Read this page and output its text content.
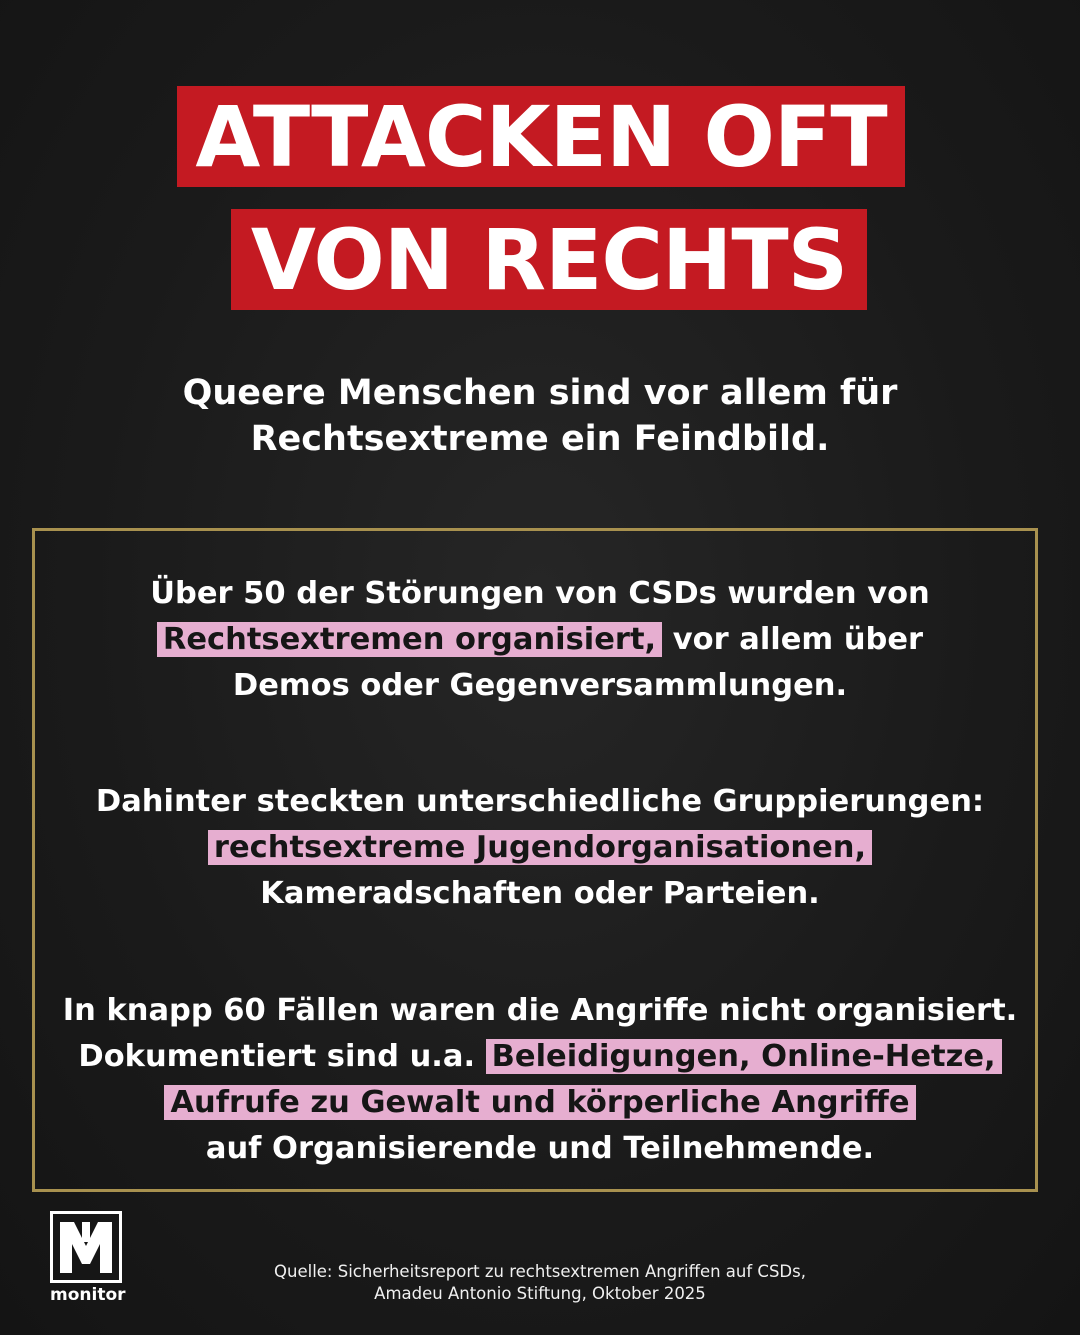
ATTACKEN OFT
VON RECHTS
Queere Menschen sind vor allem für
Rechtsextreme ein Feindbild.
Über 50 der Störungen von CSDs wurden von
Rechtsextremen organisiert, vor allem über
Demos oder Gegenversammlungen.
Dahinter steckten unterschiedliche Gruppierungen:
rechtsextreme Jugendorganisationen,
Kameradschaften oder Parteien.
In knapp 60 Fällen waren die Angriffe nicht organisiert.
Dokumentiert sind u.a. Beleidigungen, Online-Hetze,
Aufrufe zu Gewalt und körperliche Angriffe
auf Organisierende und Teilnehmende.
monitor
Quelle: Sicherheitsreport zu rechtsextremen Angriffen auf CSDs,
Amadeu Antonio Stiftung, Oktober 2025
